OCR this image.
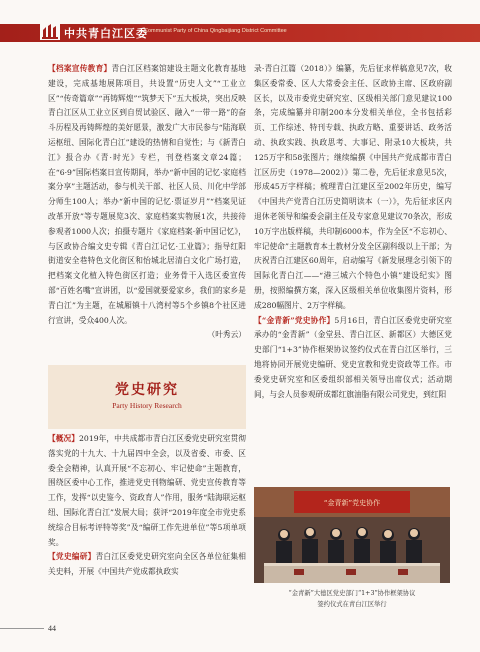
中共青白江区委
Communist Party of China Qingbaijiang District Committee

【档案宣传教育】青白江区档案馆建设主题文化教育基地建设，完成基地展陈项目，共设置“历史人文”“工业立区”“传奇篇章”“再铸辉煌”“筑梦天下”五大板块，突出反映青白江区从工业立区到自贸试验区、融入“一带一路”的奋斗历程及再铸辉煌的美好愿景，激发广大市民参与“陆海联运枢纽、国际化青白江”建设的热情和自觉性；与《新青白江》报合办《青·时光》专栏，刊登档案文章24篇；在“6·9”国际档案日宣传期间，举办“新中国的记忆·家庭档案分享”主题活动，参与机关干部、社区人员、川化中学部分师生100人；举办“新中国的记忆·票证岁月”“档案见证改革开放”等专题展览3次、家庭档案实物展1次，共接待参观者1000人次；拍摄专题片《家庭档案·新中国记忆》，与区政协合编文史专辑《青白江记忆·工业篇》；指导红阳街道安全巷特色文化街区和怡城北居清白文化广场打造，把档案文化植入特色街区打造；业务骨干入选区委宣传部“百姓名嘴”宣讲团，以“爱国就要爱家乡，我们的家乡是青白江”为主题，在城厢镇十八湾村等5个乡镇8个社区进行宣讲，受众400人次。
（叶秀云）

党史研究
Party History Research

【概况】2019年，中共成都市青白江区委党史研究室贯彻落实党的十九大、十九届四中全会，以及省委、市委、区委全会精神，认真开展“不忘初心、牢记使命”主题教育，围绕区委中心工作，推进党史刊物编研、党史宣传教育等工作，发挥“以史鉴今、资政育人”作用，服务“陆海联运枢纽、国际化青白江”发展大局；获评“2019年度全市党史系统综合目标考评特等奖”及“编研工作先进单位”等5项单项奖。

【党史编研】青白江区委党史研究室向全区各单位征集相关史料，开展《中国共产党成都执政实

录·青白江篇（2018）》编纂，先后征求样稿意见7次，收集区委常委、区人大常委会主任、区政协主席、区政府副区长，以及市委党史研究室、区级相关部门意见建议100条，完成编纂并印制200本分发相关单位，全书包括彩页、工作综述、特刊专载、执政方略、重要讲话、政务活动、执政实践、执政思考、大事记、附录10大板块，共125万字和58张图片；继续编撰《中国共产党成都市青白江区历史（1978—2002）》第二卷，先后征求意见5次，形成45万字样稿；梳理青白江建区至2002年历史，编写《中国共产党青白江历史简明读本（一）》，先后征求区内退休老领导和编委会副主任及专家意见建议70条次，形成10万字出版样稿，共印制6000本，作为全区“不忘初心、牢记使命”主题教育本土教材分发全区副科级以上干部；为庆祝青白江建区60周年，启动编写《新发展理念引领下的国际化青白江——“港三城六个特色小镇”建设纪实》图册，按照编撰方案，深入区级相关单位收集图片资料，形成280幅图片、2万字样稿。

【“金青新”党史协作】5月16日，青白江区委党史研究室承办的“金青新”（金堂县、青白江区、新都区）大德区党史部门“1+3”协作框架协议签约仪式在青白江区举行，三地将协同开展党史编研、党史宣教和党史资政等工作。市委党史研究室和区委组织部相关领导出席仪式；活动期间，与会人员参观研成都红旗油脂有限公司党史，到红阳

“金青新”党史协作
“金青新”大德区党史部门“1+3”协作框架协议
签约仪式在青白江区举行
44
